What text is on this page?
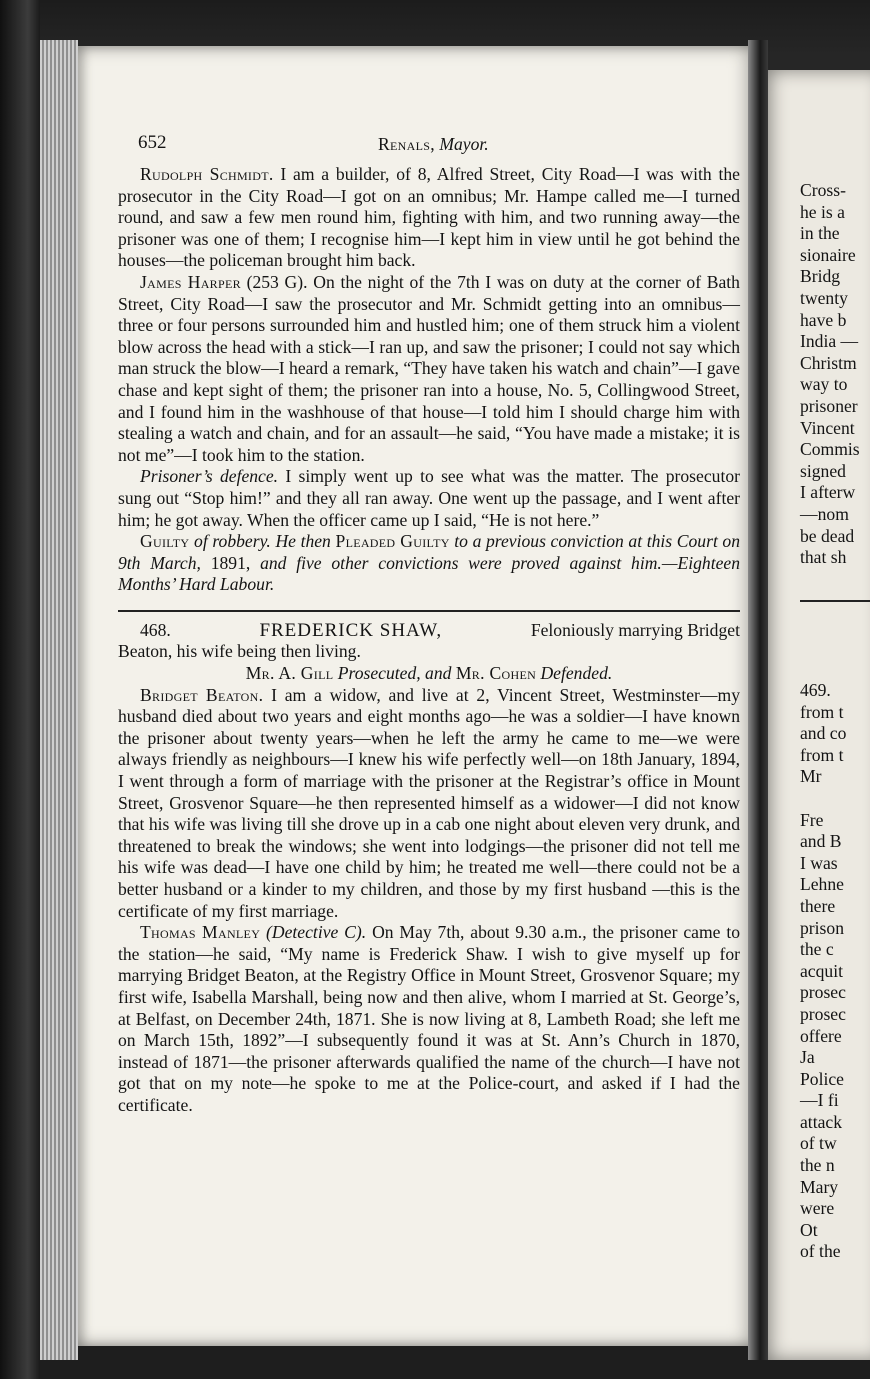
Cross-
he is a
in the
sionaire
Bridg
twenty
have b
India —
Christm
way to
prisoner
Vincent
Commis
signed
I afterw
—nom
be dead
that sh
469.
from t
and co
from t
Mr

Fre
and B
I was
Lehne
there
prison
the c
acquit
prosec
prosec
offere
Ja
Police
—I fi
attack
of tw
the n
Mary
were
Ot
of the
652	Renals, Mayor.

Rudolph Schmidt. I am a builder, of 8, Alfred Street, City Road—I was with the prosecutor in the City Road—I got on an omnibus; Mr. Hampe called me—I turned round, and saw a few men round him, fighting with him, and two running away—the prisoner was one of them; I recognise him—I kept him in view until he got behind the houses—the policeman brought him back.

James Harper (253 G). On the night of the 7th I was on duty at the corner of Bath Street, City Road—I saw the prosecutor and Mr. Schmidt getting into an omnibus—three or four persons surrounded him and hustled him; one of them struck him a violent blow across the head with a stick—I ran up, and saw the prisoner; I could not say which man struck the blow—I heard a remark, “They have taken his watch and chain”—I gave chase and kept sight of them; the prisoner ran into a house, No. 5, Collingwood Street, and I found him in the washhouse of that house—I told him I should charge him with stealing a watch and chain, and for an assault—he said, “You have made a mistake; it is not me”—I took him to the station.

Prisoner’s defence. I simply went up to see what was the matter. The prosecutor sung out “Stop him!” and they all ran away. One went up the passage, and I went after him; he got away. When the officer came up I said, “He is not here.”

Guilty of robbery. He then Pleaded Guilty to a previous conviction at this Court on 9th March, 1891, and five other convictions were proved against him.—Eighteen Months’ Hard Labour.

468.	FREDERICK SHAW,	Feloniously marrying Bridget

Beaton, his wife being then living.

Mr. A. Gill Prosecuted, and Mr. Cohen Defended.

Bridget Beaton. I am a widow, and live at 2, Vincent Street, Westminster—my husband died about two years and eight months ago—he was a soldier—I have known the prisoner about twenty years—when he left the army he came to me—we were always friendly as neighbours—I knew his wife perfectly well—on 18th January, 1894, I went through a form of marriage with the prisoner at the Registrar’s office in Mount Street, Grosvenor Square—he then represented himself as a widower—I did not know that his wife was living till she drove up in a cab one night about eleven very drunk, and threatened to break the windows; she went into lodgings—the prisoner did not tell me his wife was dead—I have one child by him; he treated me well—there could not be a better husband or a kinder to my children, and those by my first husband —this is the certificate of my first marriage.

Thomas Manley (Detective C). On May 7th, about 9.30 a.m., the prisoner came to the station—he said, “My name is Frederick Shaw. I wish to give myself up for marrying Bridget Beaton, at the Registry Office in Mount Street, Grosvenor Square; my first wife, Isabella Marshall, being now and then alive, whom I married at St. George’s, at Belfast, on December 24th, 1871. She is now living at 8, Lambeth Road; she left me on March 15th, 1892”—I subsequently found it was at St. Ann’s Church in 1870, instead of 1871—the prisoner afterwards qualified the name of the church—I have not got that on my note—he spoke to me at the Police-court, and asked if I had the certificate.
